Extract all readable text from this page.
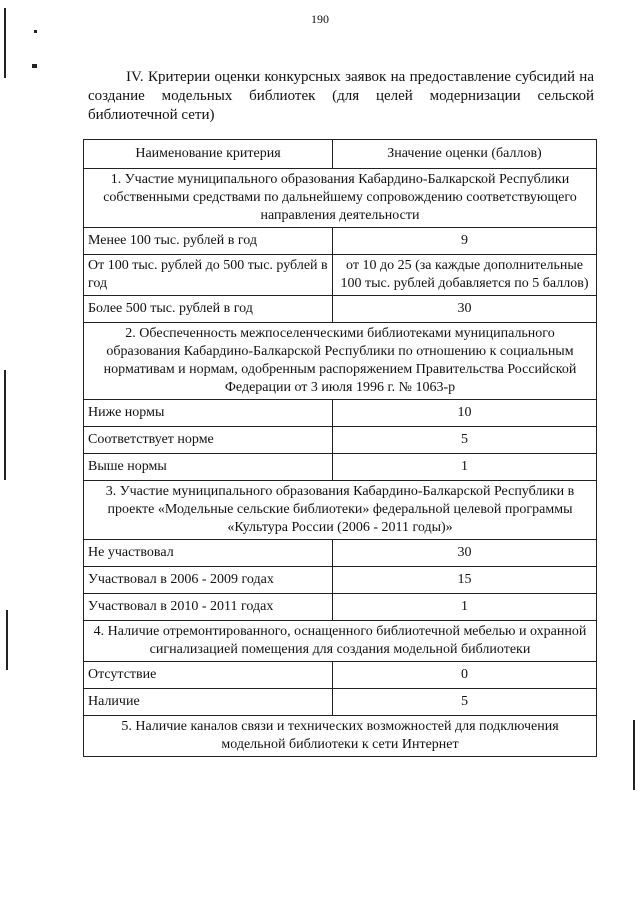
190
IV. Критерии оценки конкурсных заявок на предоставление субсидий на создание модельных библиотек (для целей модернизации сельской библиотечной сети)
Наименование критерия	Значение оценки (баллов)
1. Участие муниципального образования Кабардино-Балкарской Республики собственными средствами по дальнейшему сопровождению соответствующего направления деятельности	
Менее 100 тыс. рублей в год	9
От 100 тыс. рублей до 500 тыс. рублей в год	от 10 до 25 (за каждые дополнительные 100 тыс. рублей добавляется по 5 баллов)
Более 500 тыс. рублей в год	30
2. Обеспеченность межпоселенческими библиотеками муниципального образования Кабардино-Балкарской Республики по отношению к социальным нормативам и нормам, одобренным распоряжением Правительства Российской Федерации от 3 июля 1996 г. № 1063-р	
Ниже нормы	10
Соответствует норме	5
Выше нормы	1
3. Участие муниципального образования Кабардино-Балкарской Республики в проекте «Модельные сельские библиотеки» федеральной целевой программы «Культура России (2006 - 2011 годы)»	
Не участвовал	30
Участвовал в 2006 - 2009 годах	15
Участвовал в 2010 - 2011 годах	1
4. Наличие отремонтированного, оснащенного библиотечной мебелью и охранной сигнализацией помещения для создания модельной библиотеки	
Отсутствие	0
Наличие	5
5. Наличие каналов связи и технических возможностей для подключения модельной библиотеки к сети Интернет	
